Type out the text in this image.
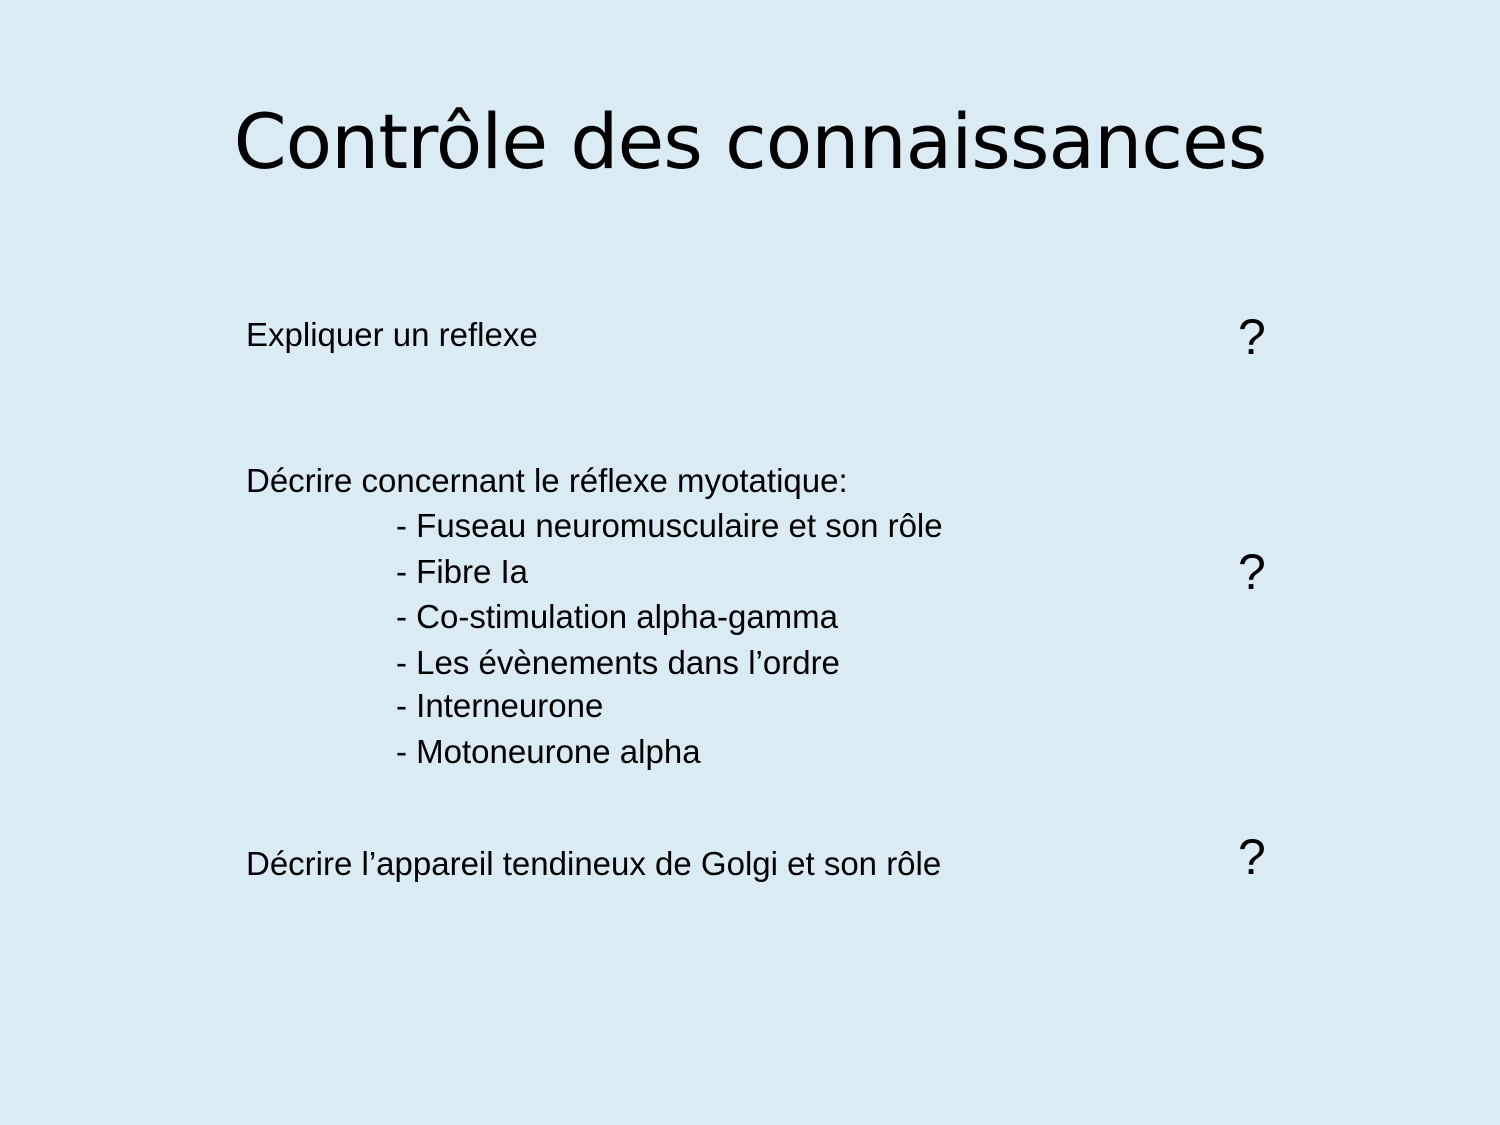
Contrôle des connaissances
Expliquer un reflexe	?
Décrire concernant le réflexe myotatique:
- Fuseau neuromusculaire et son rôle
- Fibre Ia
- Co-stimulation alpha-gamma
- Les évènements dans l’ordre
- Interneurone
- Motoneurone alpha
?
Décrire l’appareil tendineux de Golgi et son rôle	?
